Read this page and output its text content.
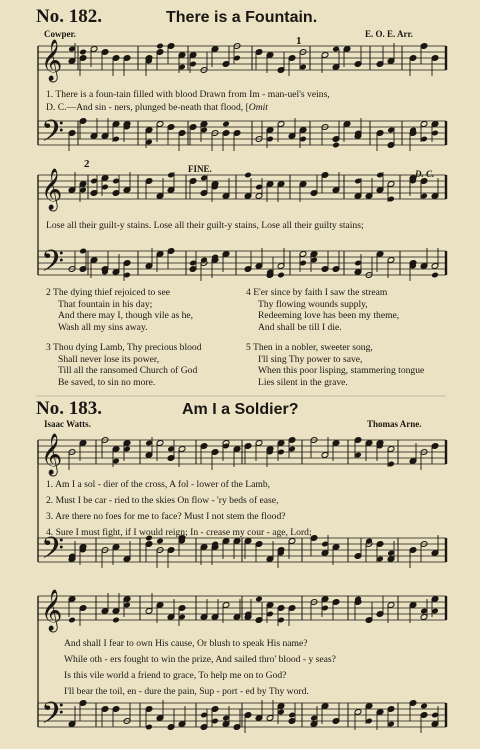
𝄞
𝄢
𝄞
𝄢
𝄞
𝄢
𝄞
𝄢
No. 182.	There is a Fountain.
Cowper.	E. O. E. Arr.
1
2	FINE.	D. C.
1. There is a foun-tain filled with blood Drawn from Im - man-uel's veins,
D. C.—And sin - ners, plunged be-neath that flood, [Omit
Lose all their guilt-y stains. Lose all their guilt-y stains, Lose all their guilty stains;
2 The dying thief rejoiced to see
That fountain in his day;
And there may I, though vile as he,
Wash all my sins away.
3 Thou dying Lamb, Thy precious blood
Shall never lose its power,
Till all the ransomed Church of God
Be saved, to sin no more.
4 E'er since by faith I saw the stream
Thy flowing wounds supply,
Redeeming love has been my theme,
And shall be till I die.
5 Then in a nobler, sweeter song,
I'll sing Thy power to save,
When this poor lisping, stammering tongue
Lies silent in the grave.
No. 183.	Am I a Soldier?
Isaac Watts.	Thomas Arne.
1. Am I a sol - dier of the cross, A fol - lower of the Lamb,
2. Must I be car - ried to the skies On flow - 'ry beds of ease,
3. Are there no foes for me to face? Must I not stem the flood?
4. Sure I must fight, if I would reign; In - crease my cour - age, Lord;
And shall I fear to own His cause, Or blush to speak His name?
While oth - ers fought to win the prize, And sailed thro' blood - y seas?
Is this vile world a friend to grace, To help me on to God?
I'll bear the toil, en - dure the pain, Sup - port - ed by Thy word.
